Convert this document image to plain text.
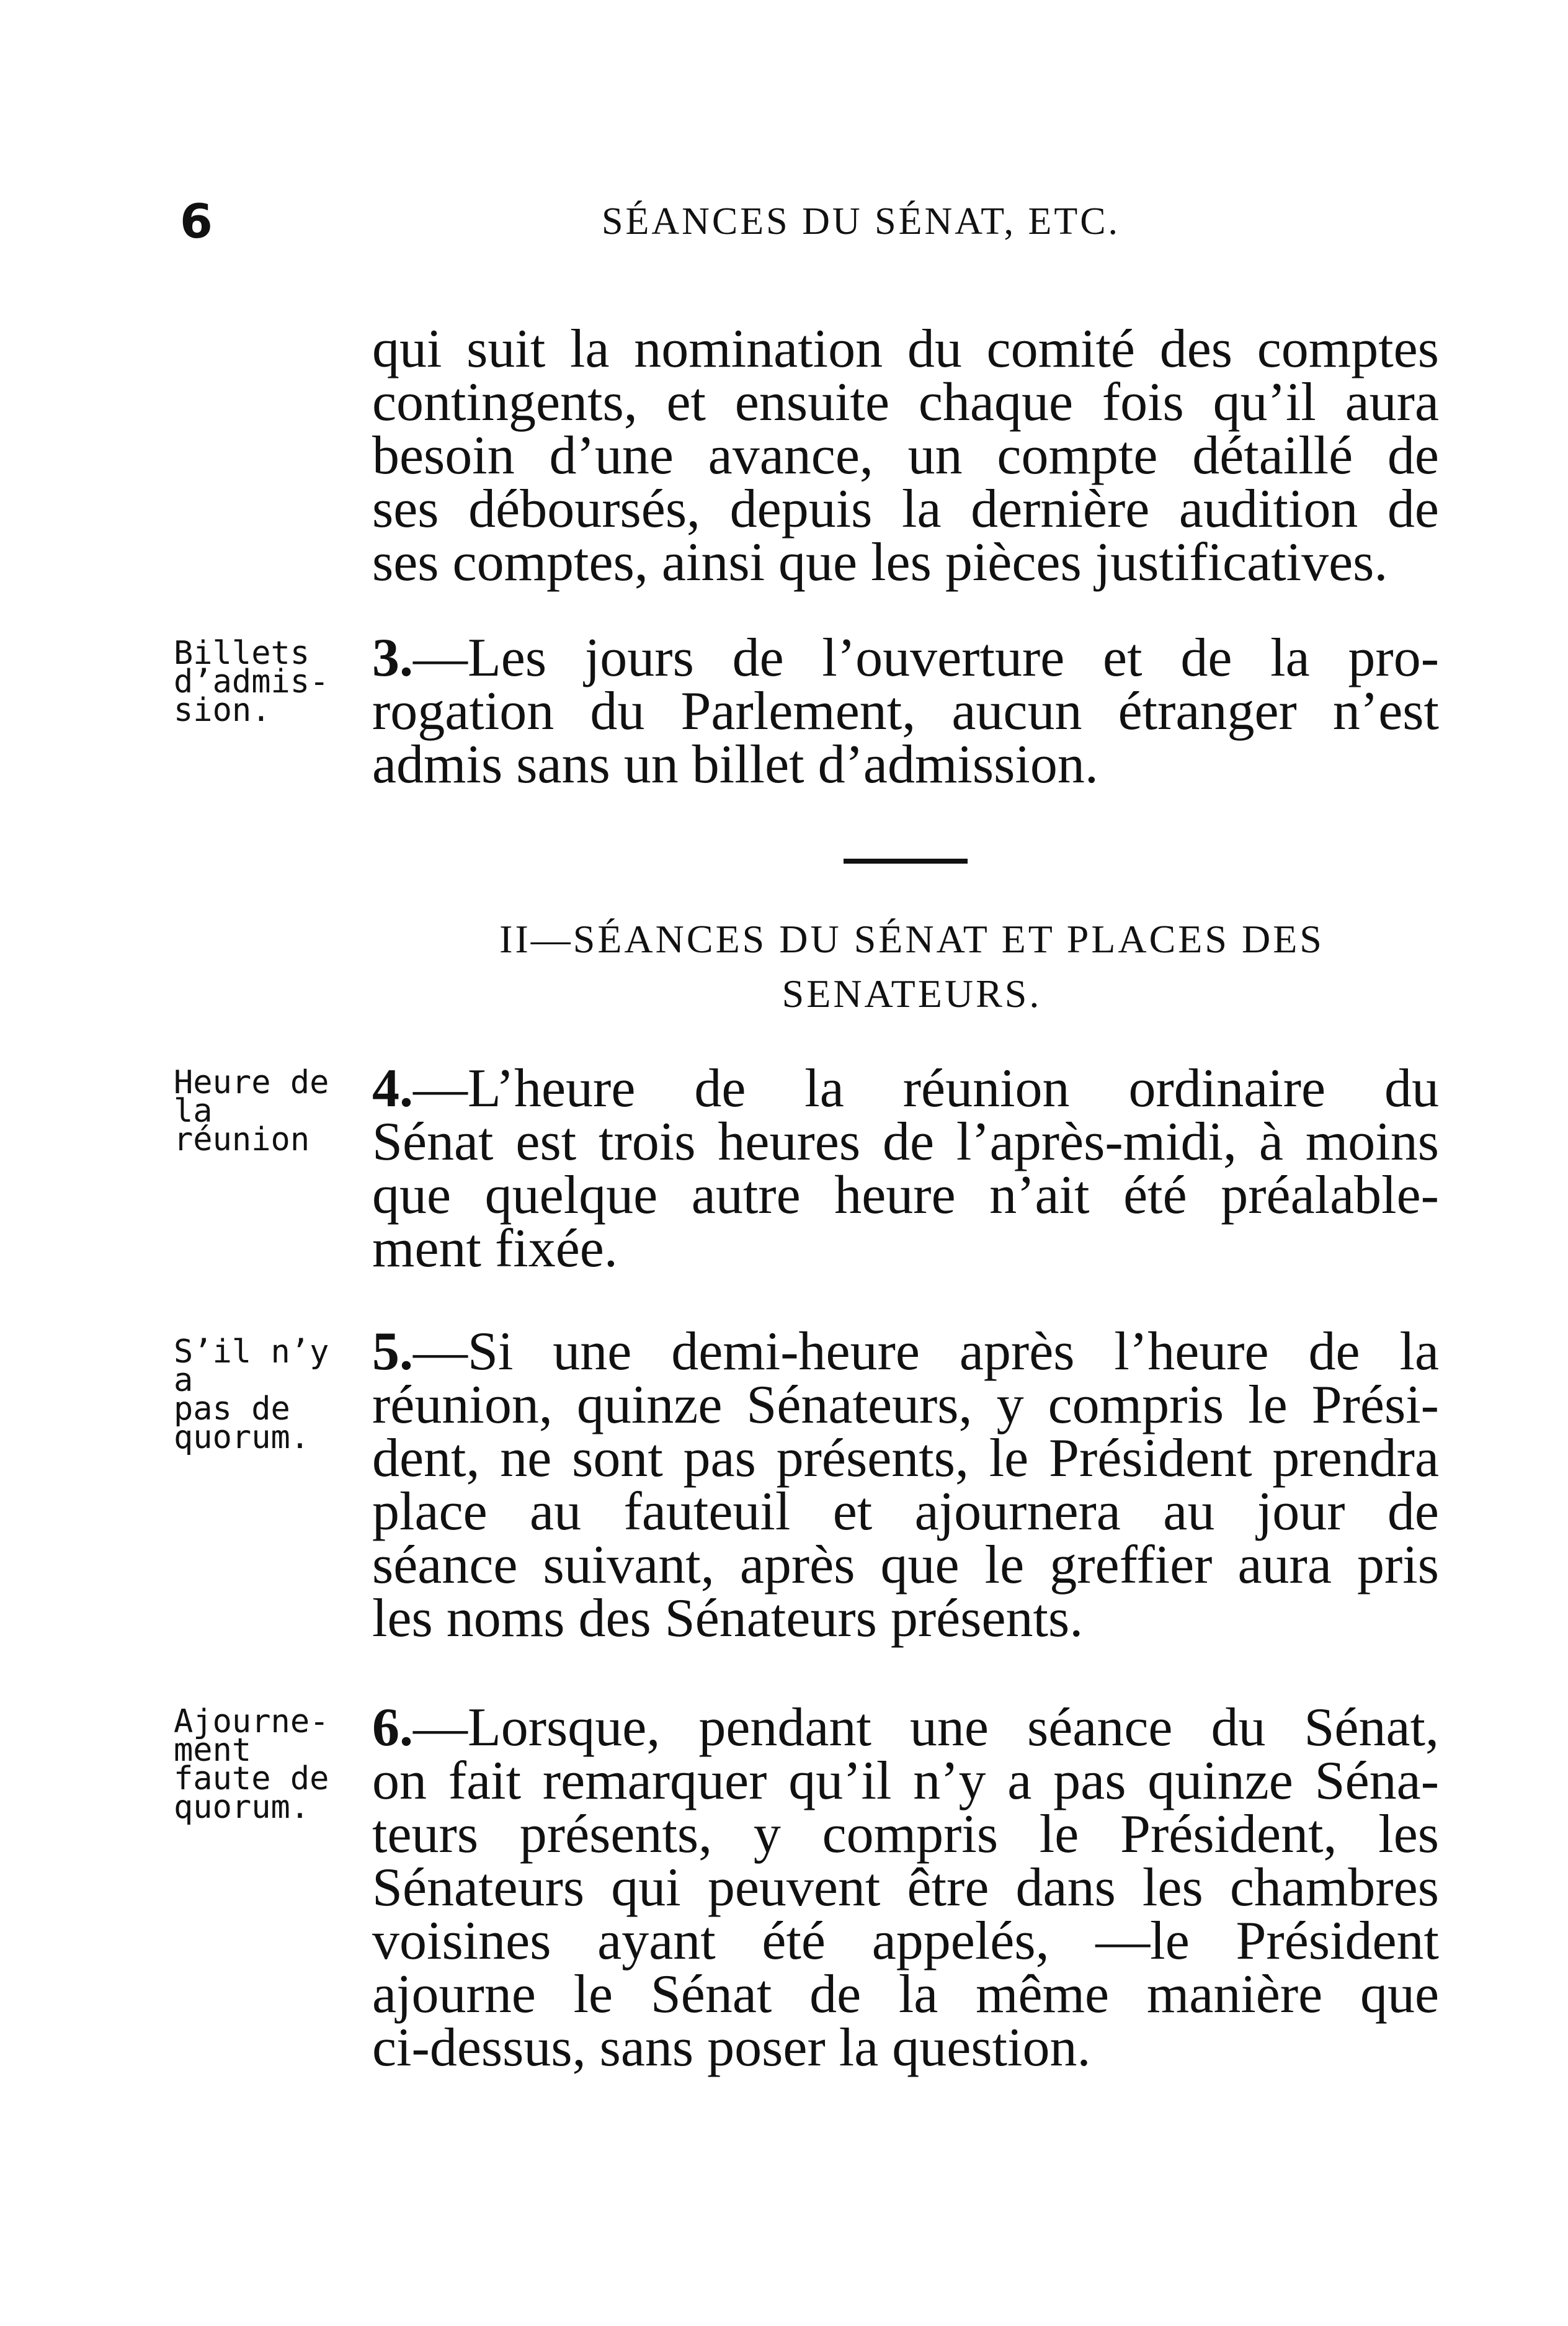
6	SÉANCES DU SÉNAT, ETC.
qui suit la nomination du comité des comptes
contingents, et ensuite chaque fois qu’il aura
besoin d’une avance, un compte détaillé de
ses déboursés, depuis la dernière audition de
ses comptes, ainsi que les pièces justificatives.
Billets
d’admis-
sion.
3.—Les jours de l’ouverture et de la pro-
rogation du Parlement, aucun étranger n’est
admis sans un billet d’admission.
II—SÉANCES DU SÉNAT ET PLACES DES
SENATEURS.
Heure de
la réunion
4.—L’heure de la réunion ordinaire du
Sénat est trois heures de l’après-midi, à moins
que quelque autre heure n’ait été préalable-
ment fixée.
S’il n’y a
pas de
quorum.
5.—Si une demi-heure après l’heure de la
réunion, quinze Sénateurs, y compris le Prési-
dent, ne sont pas présents, le Président prendra
place au fauteuil et ajournera au jour de
séance suivant, après que le greffier aura pris
les noms des Sénateurs présents.
Ajourne-
ment
faute de
quorum.
6.—Lorsque, pendant une séance du Sénat,
on fait remarquer qu’il n’y a pas quinze Séna-
teurs présents, y compris le Président, les
Sénateurs qui peuvent être dans les chambres
voisines ayant été appelés, —le Président
ajourne le Sénat de la même manière que
ci-dessus, sans poser la question.
